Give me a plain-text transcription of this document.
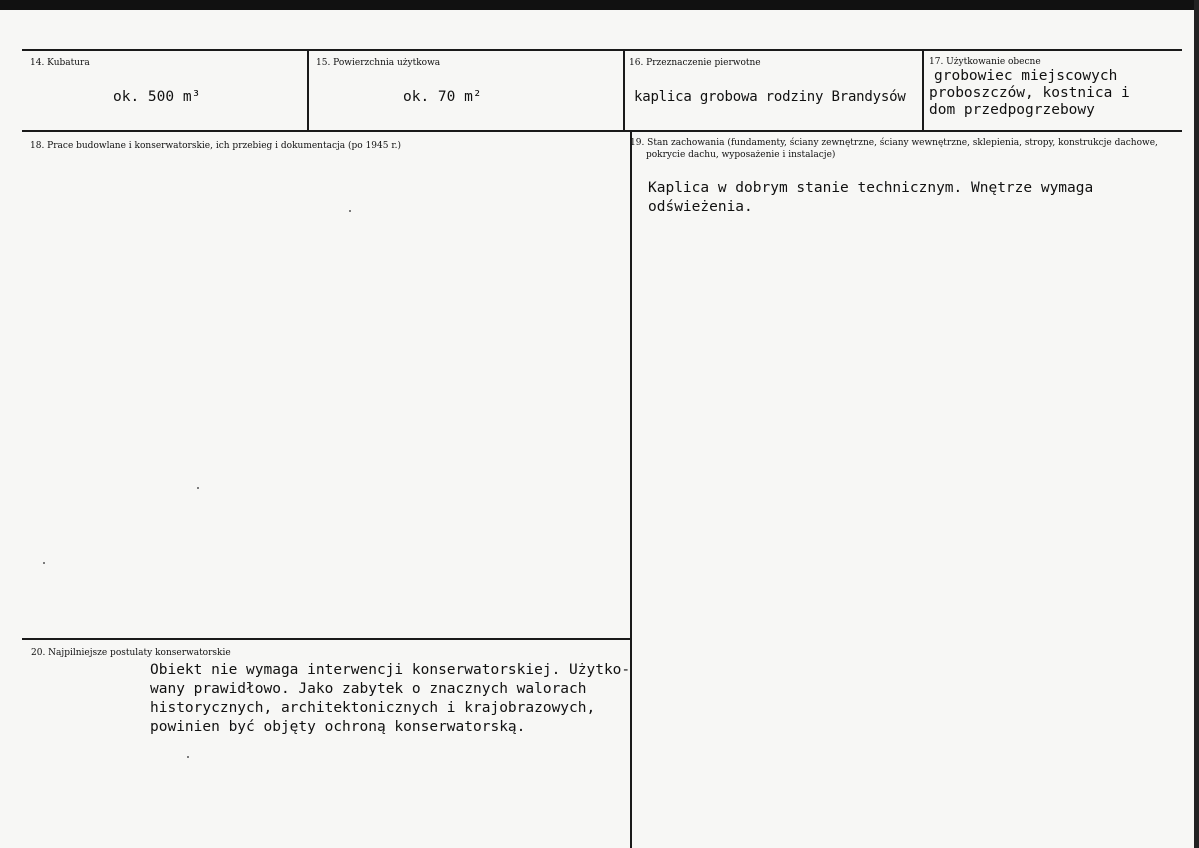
14. Kubatura
ok. 500 m³
15. Powierzchnia użytkowa
ok. 70 m²
16. Przeznaczenie pierwotne
kaplica grobowa rodziny Brandysów
17. Użytkowanie obecne
grobowiec miejscowych
proboszczów, kostnica i
dom przedpogrzebowy
18. Prace budowlane i konserwatorskie, ich przebieg i dokumentacja (po 1945 r.)	19. Stan zachowania (fundamenty, ściany zewnętrzne, ściany wewnętrzne, sklepienia, stropy, konstrukcje dachowe,
pokrycie dachu, wyposażenie i instalacje)
Kaplica w dobrym stanie technicznym. Wnętrze wymaga
odświeżenia.
20. Najpilniejsze postulaty konserwatorskie
Obiekt nie wymaga interwencji konserwatorskiej. Użytko-
wany prawidłowo. Jako zabytek o znacznych walorach
historycznych, architektonicznych i krajobrazowych,
powinien być objęty ochroną konserwatorską.
